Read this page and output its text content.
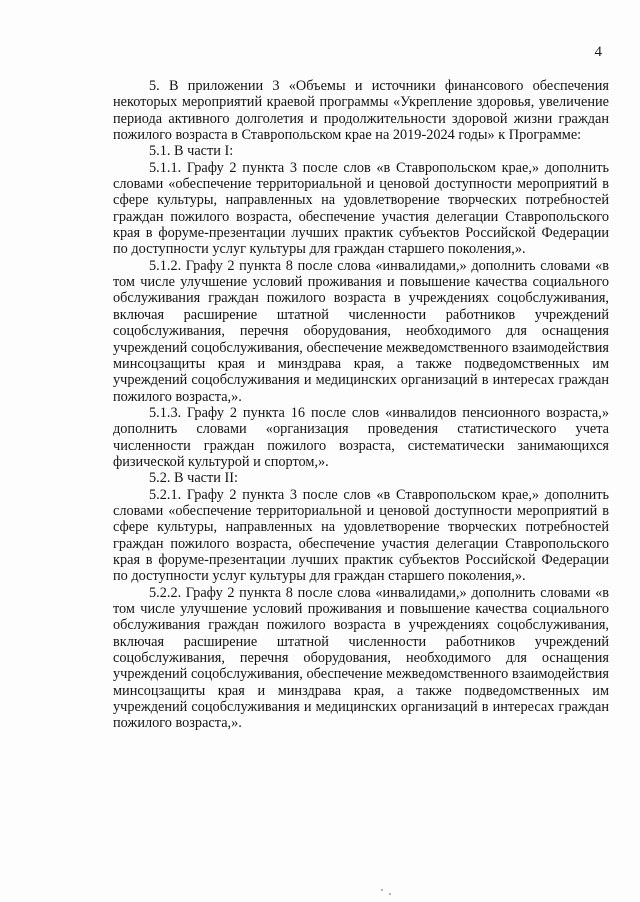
4

5. В приложении 3 «Объемы и источники финансового обеспечения некоторых мероприятий краевой программы «Укрепление здоровья, увеличение периода активного долголетия и продолжительности здоровой жизни граждан пожилого возраста в Ставропольском крае на 2019-2024 годы» к Программе:

5.1. В части I:

5.1.1. Графу 2 пункта 3 после слов «в Ставропольском крае,» дополнить словами «обеспечение территориальной и ценовой доступности мероприятий в сфере культуры, направленных на удовлетворение творческих потребностей граждан пожилого возраста, обеспечение участия делегации Ставропольского края в форуме-презентации лучших практик субъектов Российской Федерации по доступности услуг культуры для граждан старшего поколения,».

5.1.2. Графу 2 пункта 8 после слова «инвалидами,» дополнить словами «в том числе улучшение условий проживания и повышение качества социального обслуживания граждан пожилого возраста в учреждениях соцобслуживания, включая расширение штатной численности работников учреждений соцобслуживания, перечня оборудования, необходимого для оснащения учреждений соцобслуживания, обеспечение межведомственного взаимодействия минсоцзащиты края и минздрава края, а также подведомственных им учреждений соцобслуживания и медицинских организаций в интересах граждан пожилого возраста,».

5.1.3. Графу 2 пункта 16 после слов «инвалидов пенсионного возраста,» дополнить словами «организация проведения статистического учета численности граждан пожилого возраста, систематически занимающихся физической культурой и спортом,».

5.2. В части II:

5.2.1. Графу 2 пункта 3 после слов «в Ставропольском крае,» дополнить словами «обеспечение территориальной и ценовой доступности мероприятий в сфере культуры, направленных на удовлетворение творческих потребностей граждан пожилого возраста, обеспечение участия делегации Ставропольского края в форуме-презентации лучших практик субъектов Российской Федерации по доступности услуг культуры для граждан старшего поколения,».

5.2.2. Графу 2 пункта 8 после слова «инвалидами,» дополнить словами «в том числе улучшение условий проживания и повышение качества социального обслуживания граждан пожилого возраста в учреждениях соцобслуживания, включая расширение штатной численности работников учреждений соцобслуживания, перечня оборудования, необходимого для оснащения учреждений соцобслуживания, обеспечение межведомственного взаимодействия минсоцзащиты края и минздрава края, а также подведомственных им учреждений соцобслуживания и медицинских организаций в интересах граждан пожилого возраста,».
